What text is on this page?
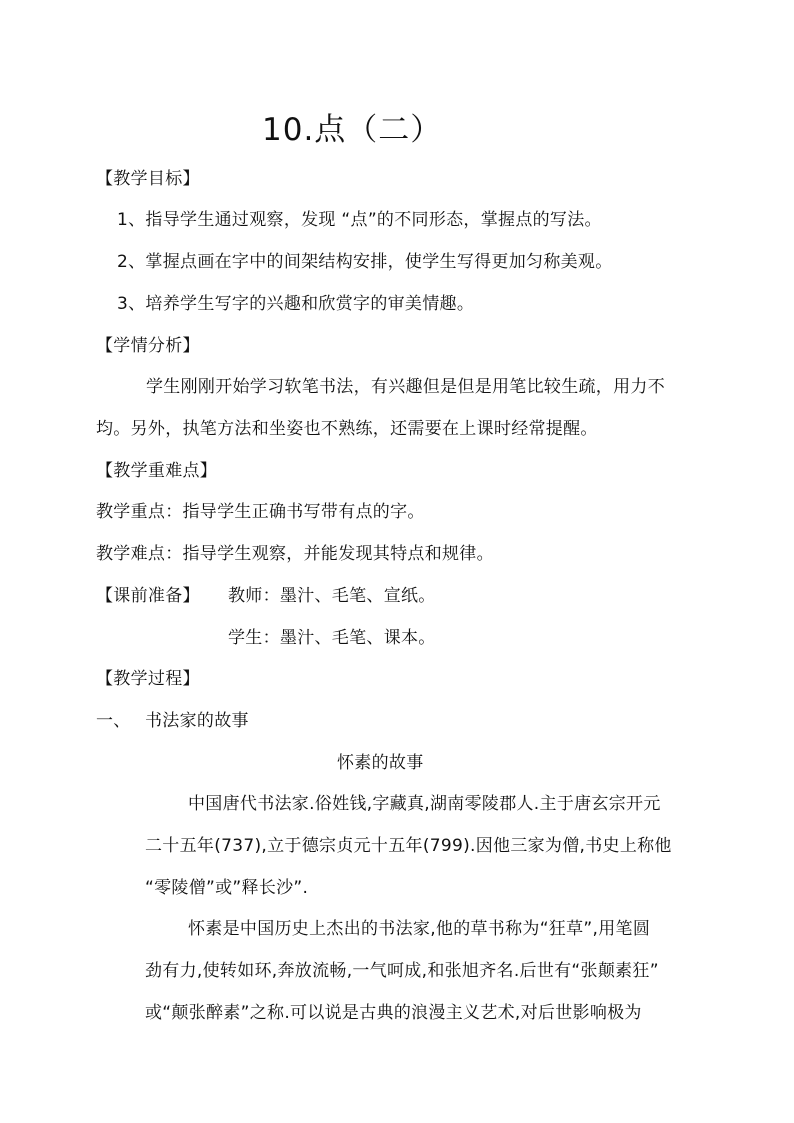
10.点（二）
【教学目标】
1、指导学生通过观察，发现 “点”的不同形态，掌握点的写法。
2、掌握点画在字中的间架结构安排，使学生写得更加匀称美观。
3、培养学生写字的兴趣和欣赏字的审美情趣。
【学情分析】
学生刚刚开始学习软笔书法，有兴趣但是但是用笔比较生疏，用力不
均。另外，执笔方法和坐姿也不熟练，还需要在上课时经常提醒。
【教学重难点】
教学重点：指导学生正确书写带有点的字。
教学难点：指导学生观察，并能发现其特点和规律。
【课前准备】 教师：墨汁、毛笔、宣纸。
学生：墨汁、毛笔、课本。
【教学过程】
一、 书法家的故事
怀素的故事
中国唐代书法家.俗姓钱,字藏真,湖南零陵郡人.主于唐玄宗开元
二十五年(737),立于德宗贞元十五年(799).因他三家为僧,书史上称他
“零陵僧”或”释长沙”.
怀素是中国历史上杰出的书法家,他的草书称为“狂草”,用笔圆
劲有力,使转如环,奔放流畅,一气呵成,和张旭齐名.后世有“张颠素狂”
或“颠张醉素”之称.可以说是古典的浪漫主义艺术,对后世影响极为
